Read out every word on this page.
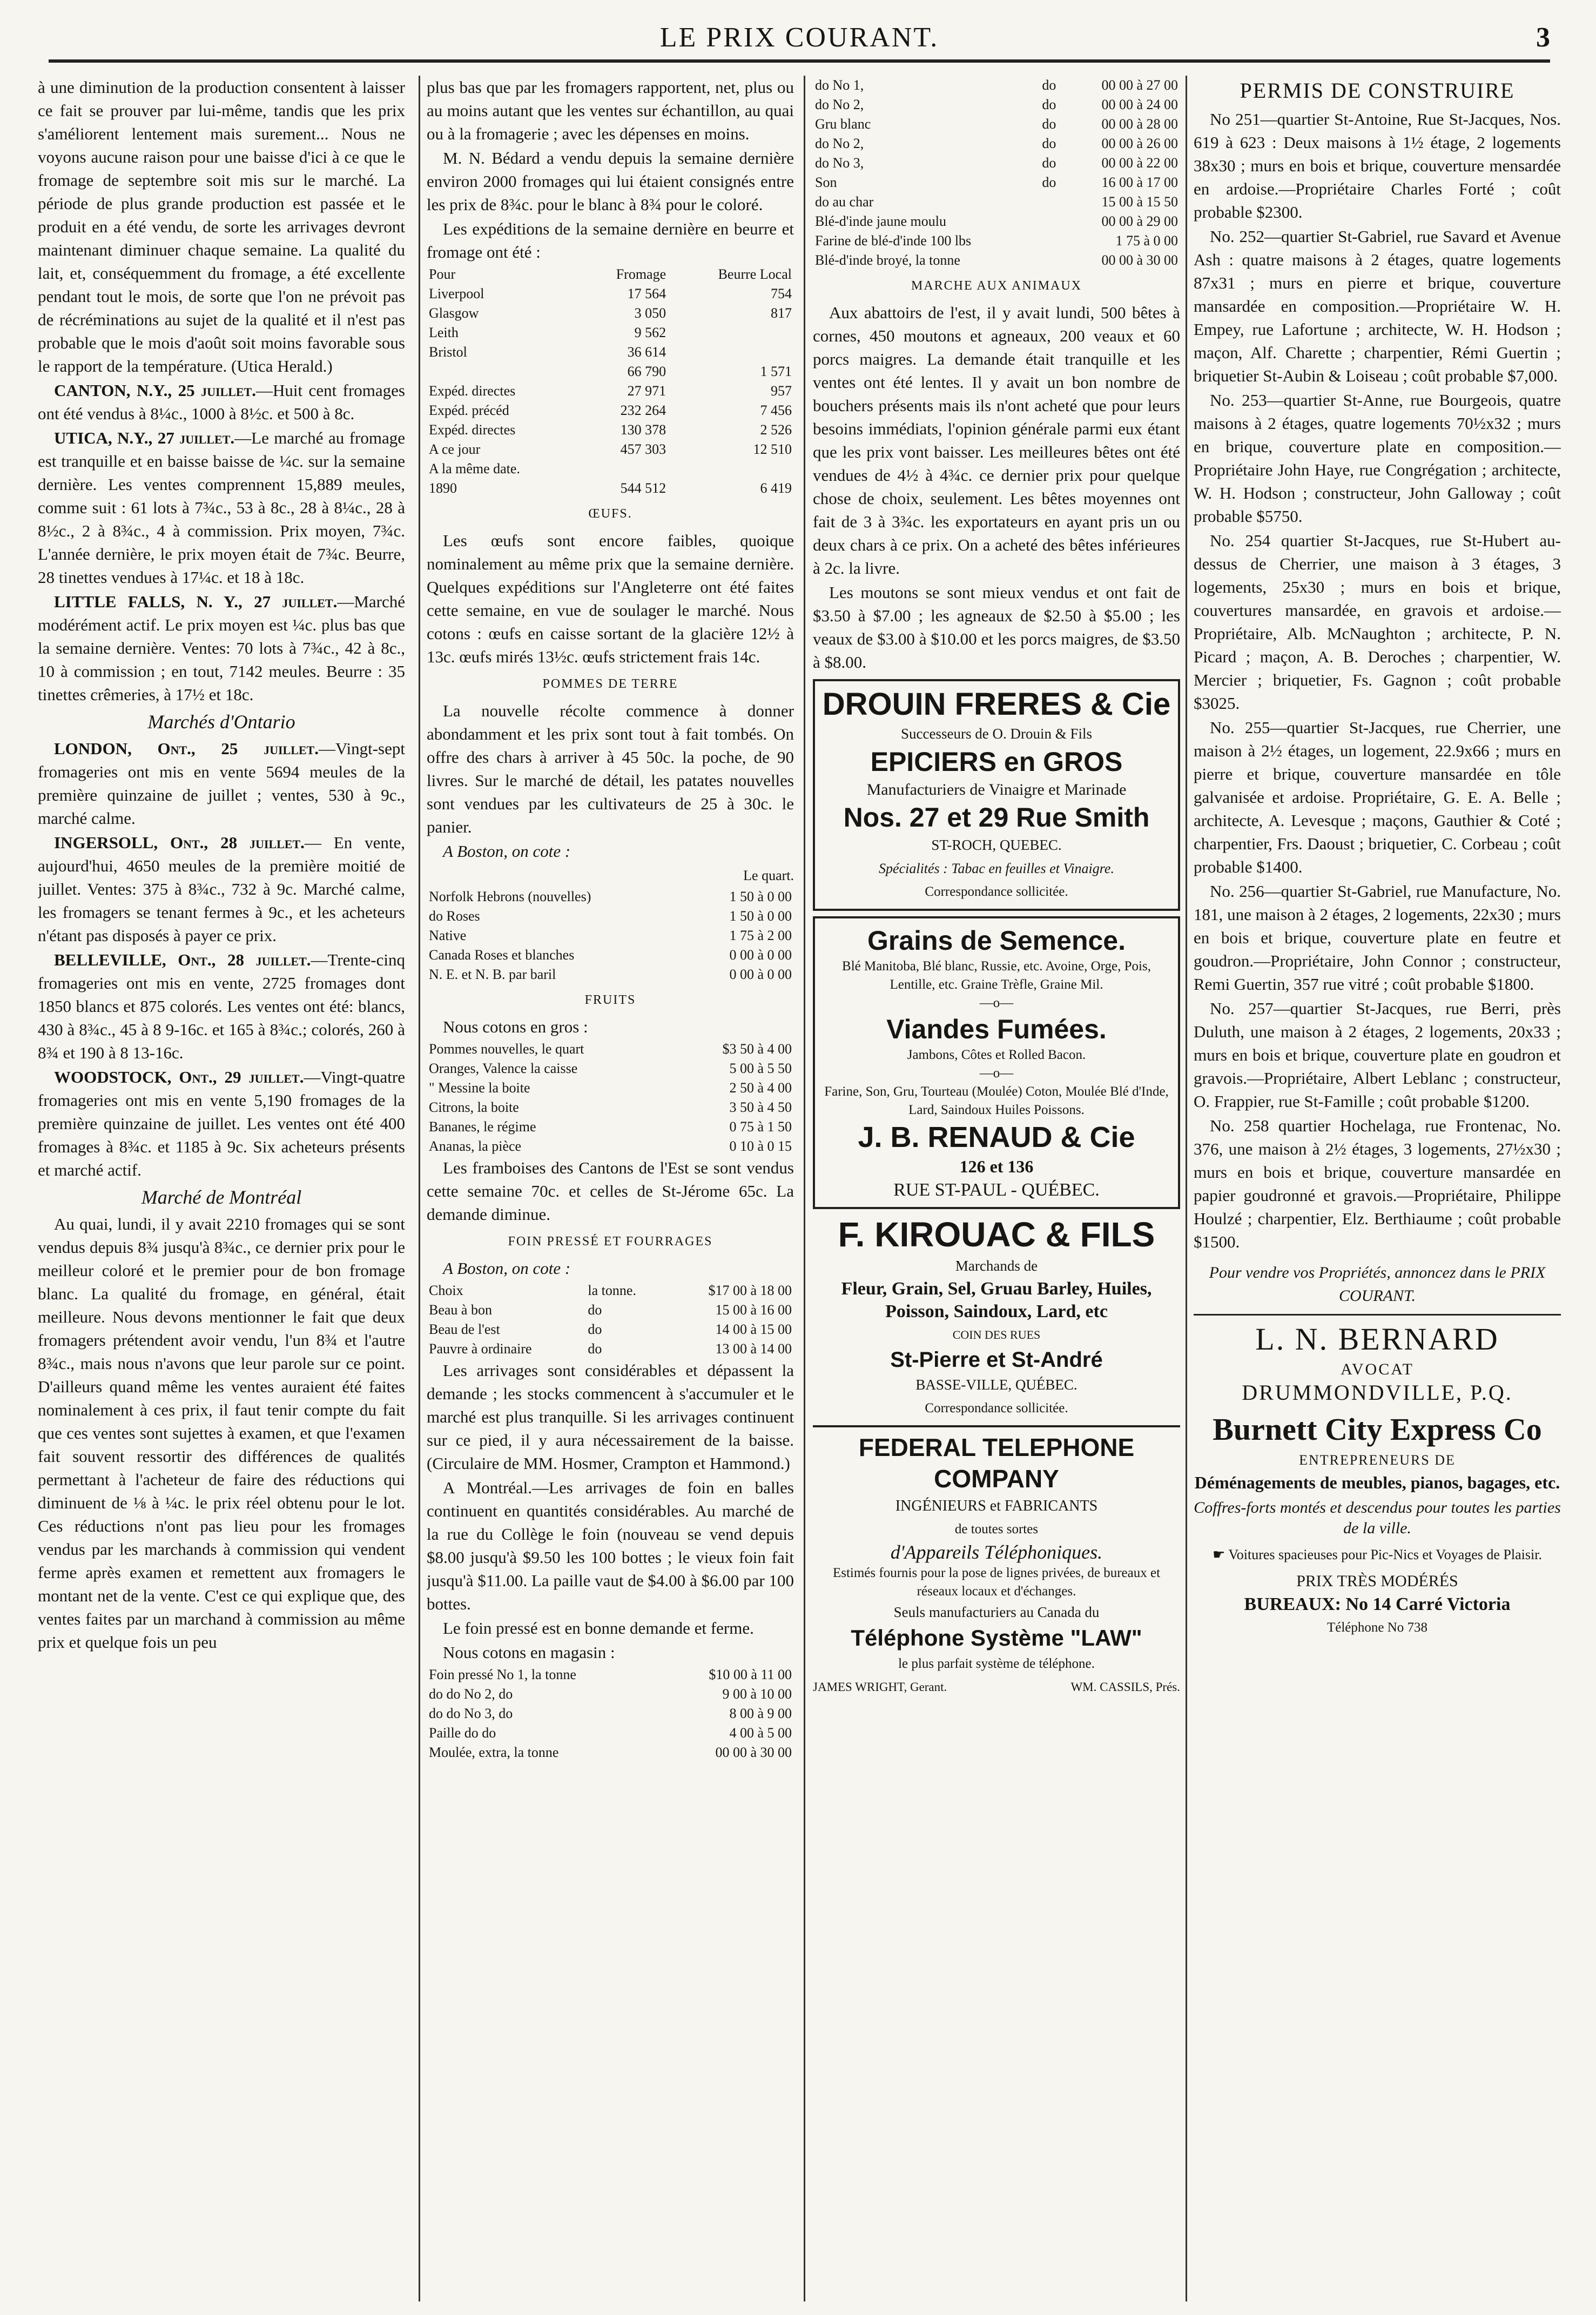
LE PRIX COURANT.	3

à une diminution de la production consentent à laisser ce fait se prouver par lui-même, tandis que les prix s'améliorent lentement mais surement... Nous ne voyons aucune raison pour une baisse d'ici à ce que le fromage de septembre soit mis sur le marché. La période de plus grande production est passée et le produit en a été vendu, de sorte les arrivages devront maintenant diminuer chaque semaine. La qualité du lait, et, conséquemment du fromage, a été excellente pendant tout le mois, de sorte que l'on ne prévoit pas de récréminations au sujet de la qualité et il n'est pas probable que le mois d'août soit moins favorable sous le rapport de la température. (Utica Herald.)

CANTON, N.Y., 25 juillet.—Huit cent fromages ont été vendus à 8¼c., 1000 à 8½c. et 500 à 8c.

UTICA, N.Y., 27 juillet.—Le marché au fromage est tranquille et en baisse baisse de ¼c. sur la semaine dernière. Les ventes comprennent 15,889 meules, comme suit : 61 lots à 7¾c., 53 à 8c., 28 à 8¼c., 28 à 8½c., 2 à 8¾c., 4 à commission. Prix moyen, 7¾c. L'année dernière, le prix moyen était de 7¾c. Beurre, 28 tinettes vendues à 17¼c. et 18 à 18c.

LITTLE FALLS, N. Y., 27 juillet.—Marché modérément actif. Le prix moyen est ¼c. plus bas que la semaine dernière. Ventes: 70 lots à 7¾c., 42 à 8c., 10 à commission ; en tout, 7142 meules. Beurre : 35 tinettes crêmeries, à 17½ et 18c.

Marchés d'Ontario

LONDON, Ont., 25 juillet.—Vingt-sept fromageries ont mis en vente 5694 meules de la première quinzaine de juillet ; ventes, 530 à 9c., marché calme.

INGERSOLL, Ont., 28 juillet.— En vente, aujourd'hui, 4650 meules de la première moitié de juillet. Ventes: 375 à 8¾c., 732 à 9c. Marché calme, les fromagers se tenant fermes à 9c., et les acheteurs n'étant pas disposés à payer ce prix.

BELLEVILLE, Ont., 28 juillet.—Trente-cinq fromageries ont mis en vente, 2725 fromages dont 1850 blancs et 875 colorés. Les ventes ont été: blancs, 430 à 8¾c., 45 à 8 9-16c. et 165 à 8¾c.; colorés, 260 à 8¾ et 190 à 8 13-16c.

WOODSTOCK, Ont., 29 juillet.—Vingt-quatre fromageries ont mis en vente 5,190 fromages de la première quinzaine de juillet. Les ventes ont été 400 fromages à 8¾c. et 1185 à 9c. Six acheteurs présents et marché actif.

Marché de Montréal

Au quai, lundi, il y avait 2210 fromages qui se sont vendus depuis 8¾ jusqu'à 8¾c., ce dernier prix pour le meilleur coloré et le premier pour de bon fromage blanc. La qualité du fromage, en général, était meilleure. Nous devons mentionner le fait que deux fromagers prétendent avoir vendu, l'un 8¾ et l'autre 8¾c., mais nous n'avons que leur parole sur ce point. D'ailleurs quand même les ventes auraient été faites nominalement à ces prix, il faut tenir compte du fait que ces ventes sont sujettes à examen, et que l'examen fait souvent ressortir des différences de qualités permettant à l'acheteur de faire des réductions qui diminuent de ⅛ à ¼c. le prix réel obtenu pour le lot. Ces réductions n'ont pas lieu pour les fromages vendus par les marchands à commission qui vendent ferme après examen et remettent aux fromagers le montant net de la vente. C'est ce qui explique que, des ventes faites par un marchand à commission au même prix et quelque fois un peu

plus bas que par les fromagers rapportent, net, plus ou au moins autant que les ventes sur échantillon, au quai ou à la fromagerie ; avec les dépenses en moins.

M. N. Bédard a vendu depuis la semaine dernière environ 2000 fromages qui lui étaient consignés entre les prix de 8¾c. pour le blanc à 8¾ pour le coloré.

Les expéditions de la semaine dernière en beurre et fromage ont été :

Pour	Fromage	Beurre Local
Liverpool	17 564	754
Glasgow	3 050	817
Leith	9 562	
Bristol	36 614	
	66 790	1 571
Expéd. directes	27 971	957
Expéd. précéd	232 264	7 456
Expéd. directes	130 378	2 526
A ce jour	457 303	12 510
A la même date.		
1890	544 512	6 419
ŒUFS.

Les œufs sont encore faibles, quoique nominalement au même prix que la semaine dernière. Quelques expéditions sur l'Angleterre ont été faites cette semaine, en vue de soulager le marché. Nous cotons : œufs en caisse sortant de la glacière 12½ à 13c. œufs mirés 13½c. œufs strictement frais 14c.

POMMES DE TERRE

La nouvelle récolte commence à donner abondamment et les prix sont tout à fait tombés. On offre des chars à arriver à 45 50c. la poche, de 90 livres. Sur le marché de détail, les patates nouvelles sont vendues par les cultivateurs de 25 à 30c. le panier.

A Boston, on cote :

Le quart.
Norfolk Hebrons (nouvelles)	1 50 à 0 00
do Roses	1 50 à 0 00
Native	1 75 à 2 00
Canada Roses et blanches	0 00 à 0 00
N. E. et N. B. par baril	0 00 à 0 00
FRUITS

Nous cotons en gros :

Pommes nouvelles, le quart	$3 50 à 4 00
Oranges, Valence la caisse	5 00 à 5 50
" Messine la boite	2 50 à 4 00
Citrons, la boite	3 50 à 4 50
Bananes, le régime	0 75 à 1 50
Ananas, la pièce	0 10 à 0 15

Les framboises des Cantons de l'Est se sont vendus cette semaine 70c. et celles de St-Jérome 65c. La demande diminue.

FOIN PRESSÉ ET FOURRAGES

A Boston, on cote :

Choix	la tonne.	$17 00 à 18 00
Beau à bon	do	15 00 à 16 00
Beau de l'est	do	14 00 à 15 00
Pauvre à ordinaire	do	13 00 à 14 00

Les arrivages sont considérables et dépassent la demande ; les stocks commencent à s'accumuler et le marché est plus tranquille. Si les arrivages continuent sur ce pied, il y aura nécessairement de la baisse. (Circulaire de MM. Hosmer, Crampton et Hammond.)

A Montréal.—Les arrivages de foin en balles continuent en quantités considérables. Au marché de la rue du Collège le foin (nouveau se vend depuis $8.00 jusqu'à $9.50 les 100 bottes ; le vieux foin fait jusqu'à $11.00. La paille vaut de $4.00 à $6.00 par 100 bottes.

Le foin pressé est en bonne demande et ferme.

Nous cotons en magasin :

Foin pressé No 1, la tonne	$10 00 à 11 00
do do No 2, do	9 00 à 10 00
do do No 3, do	8 00 à 9 00
Paille do do	4 00 à 5 00
Moulée, extra, la tonne	00 00 à 30 00
do No 1,	do	00 00 à 27 00
do No 2,	do	00 00 à 24 00
Gru blanc	do	00 00 à 28 00
do No 2,	do	00 00 à 26 00
do No 3,	do	00 00 à 22 00
Son	do	16 00 à 17 00
do au char		15 00 à 15 50
Blé-d'inde jaune moulu		00 00 à 29 00
Farine de blé-d'inde 100 lbs		1 75 à 0 00
Blé-d'inde broyé, la tonne		00 00 à 30 00
MARCHE AUX ANIMAUX

Aux abattoirs de l'est, il y avait lundi, 500 bêtes à cornes, 450 moutons et agneaux, 200 veaux et 60 porcs maigres. La demande était tranquille et les ventes ont été lentes. Il y avait un bon nombre de bouchers présents mais ils n'ont acheté que pour leurs besoins immédiats, l'opinion générale parmi eux étant que les prix vont baisser. Les meilleures bêtes ont été vendues de 4½ à 4¾c. ce dernier prix pour quelque chose de choix, seulement. Les bêtes moyennes ont fait de 3 à 3¾c. les exportateurs en ayant pris un ou deux chars à ce prix. On a acheté des bêtes inférieures à 2c. la livre.

Les moutons se sont mieux vendus et ont fait de $3.50 à $7.00 ; les agneaux de $2.50 à $5.00 ; les veaux de $3.00 à $10.00 et les porcs maigres, de $3.50 à $8.00.

DROUIN FRERES & Cie
Successeurs de O. Drouin & Fils
EPICIERS en GROS
Manufacturiers de Vinaigre et Marinade
Nos. 27 et 29 Rue Smith
ST-ROCH, QUEBEC.
Spécialités : Tabac en feuilles et Vinaigre.
Correspondance sollicitée.
Grains de Semence.
Blé Manitoba, Blé blanc, Russie, etc. Avoine, Orge, Pois, Lentille, etc. Graine Trèfle, Graine Mil.
—o—
Viandes Fumées.
Jambons, Côtes et Rolled Bacon.
—o—
Farine, Son, Gru, Tourteau (Moulée) Coton, Moulée Blé d'Inde, Lard, Saindoux Huiles Poissons.
J. B. RENAUD & Cie
126 et 136
RUE ST-PAUL - QUÉBEC.
F. KIROUAC & FILS
Marchands de
Fleur, Grain, Sel, Gruau Barley, Huiles, Poisson, Saindoux, Lard, etc
COIN DES RUES
St-Pierre et St-André
BASSE-VILLE, QUÉBEC.
Correspondance sollicitée.
FEDERAL TELEPHONE COMPANY
INGÉNIEURS et FABRICANTS
de toutes sortes
d'Appareils Téléphoniques.
Estimés fournis pour la pose de lignes privées, de bureaux et réseaux locaux et d'échanges.
Seuls manufacturiers au Canada du
Téléphone Système "LAW"
le plus parfait système de téléphone.
JAMES WRIGHT, Gerant.	WM. CASSILS, Prés.
PERMIS DE CONSTRUIRE

No 251—quartier St-Antoine, Rue St-Jacques, Nos. 619 à 623 : Deux maisons à 1½ étage, 2 logements 38x30 ; murs en bois et brique, couverture mensardée en ardoise.—Propriétaire Charles Forté ; coût probable $2300.

No. 252—quartier St-Gabriel, rue Savard et Avenue Ash : quatre maisons à 2 étages, quatre logements 87x31 ; murs en pierre et brique, couverture mansardée en composition.—Propriétaire W. H. Empey, rue Lafortune ; architecte, W. H. Hodson ; maçon, Alf. Charette ; charpentier, Rémi Guertin ; briquetier St-Aubin & Loiseau ; coût probable $7,000.

No. 253—quartier St-Anne, rue Bourgeois, quatre maisons à 2 étages, quatre logements 70½x32 ; murs en brique, couverture plate en composition.—Propriétaire John Haye, rue Congrégation ; architecte, W. H. Hodson ; constructeur, John Galloway ; coût probable $5750.

No. 254 quartier St-Jacques, rue St-Hubert au-dessus de Cherrier, une maison à 3 étages, 3 logements, 25x30 ; murs en bois et brique, couvertures mansardée, en gravois et ardoise.—Propriétaire, Alb. McNaughton ; architecte, P. N. Picard ; maçon, A. B. Deroches ; charpentier, W. Mercier ; briquetier, Fs. Gagnon ; coût probable $3025.

No. 255—quartier St-Jacques, rue Cherrier, une maison à 2½ étages, un logement, 22.9x66 ; murs en pierre et brique, couverture mansardée en tôle galvanisée et ardoise. Propriétaire, G. E. A. Belle ; architecte, A. Levesque ; maçons, Gauthier & Coté ; charpentier, Frs. Daoust ; briquetier, C. Corbeau ; coût probable $1400.

No. 256—quartier St-Gabriel, rue Manufacture, No. 181, une maison à 2 étages, 2 logements, 22x30 ; murs en bois et brique, couverture plate en feutre et goudron.—Propriétaire, John Connor ; constructeur, Remi Guertin, 357 rue vitré ; coût probable $1800.

No. 257—quartier St-Jacques, rue Berri, près Duluth, une maison à 2 étages, 2 logements, 20x33 ; murs en bois et brique, couverture plate en goudron et gravois.—Propriétaire, Albert Leblanc ; constructeur, O. Frappier, rue St-Famille ; coût probable $1200.

No. 258 quartier Hochelaga, rue Frontenac, No. 376, une maison à 2½ étages, 3 logements, 27½x30 ; murs en bois et brique, couverture mansardée en papier goudronné et gravois.—Propriétaire, Philippe Houlzé ; charpentier, Elz. Berthiaume ; coût probable $1500.

Pour vendre vos Propriétés, annoncez dans le PRIX COURANT.

L. N. BERNARD
AVOCAT
DRUMMONDVILLE, P.Q.
Burnett City Express Co
ENTREPRENEURS DE
Déménagements de meubles, pianos, bagages, etc.
Coffres-forts montés et descendus pour toutes les parties de la ville.
☛ Voitures spacieuses pour Pic-Nics et Voyages de Plaisir.
PRIX TRÈS MODÉRÉS
BUREAUX: No 14 Carré Victoria
Téléphone No 738
